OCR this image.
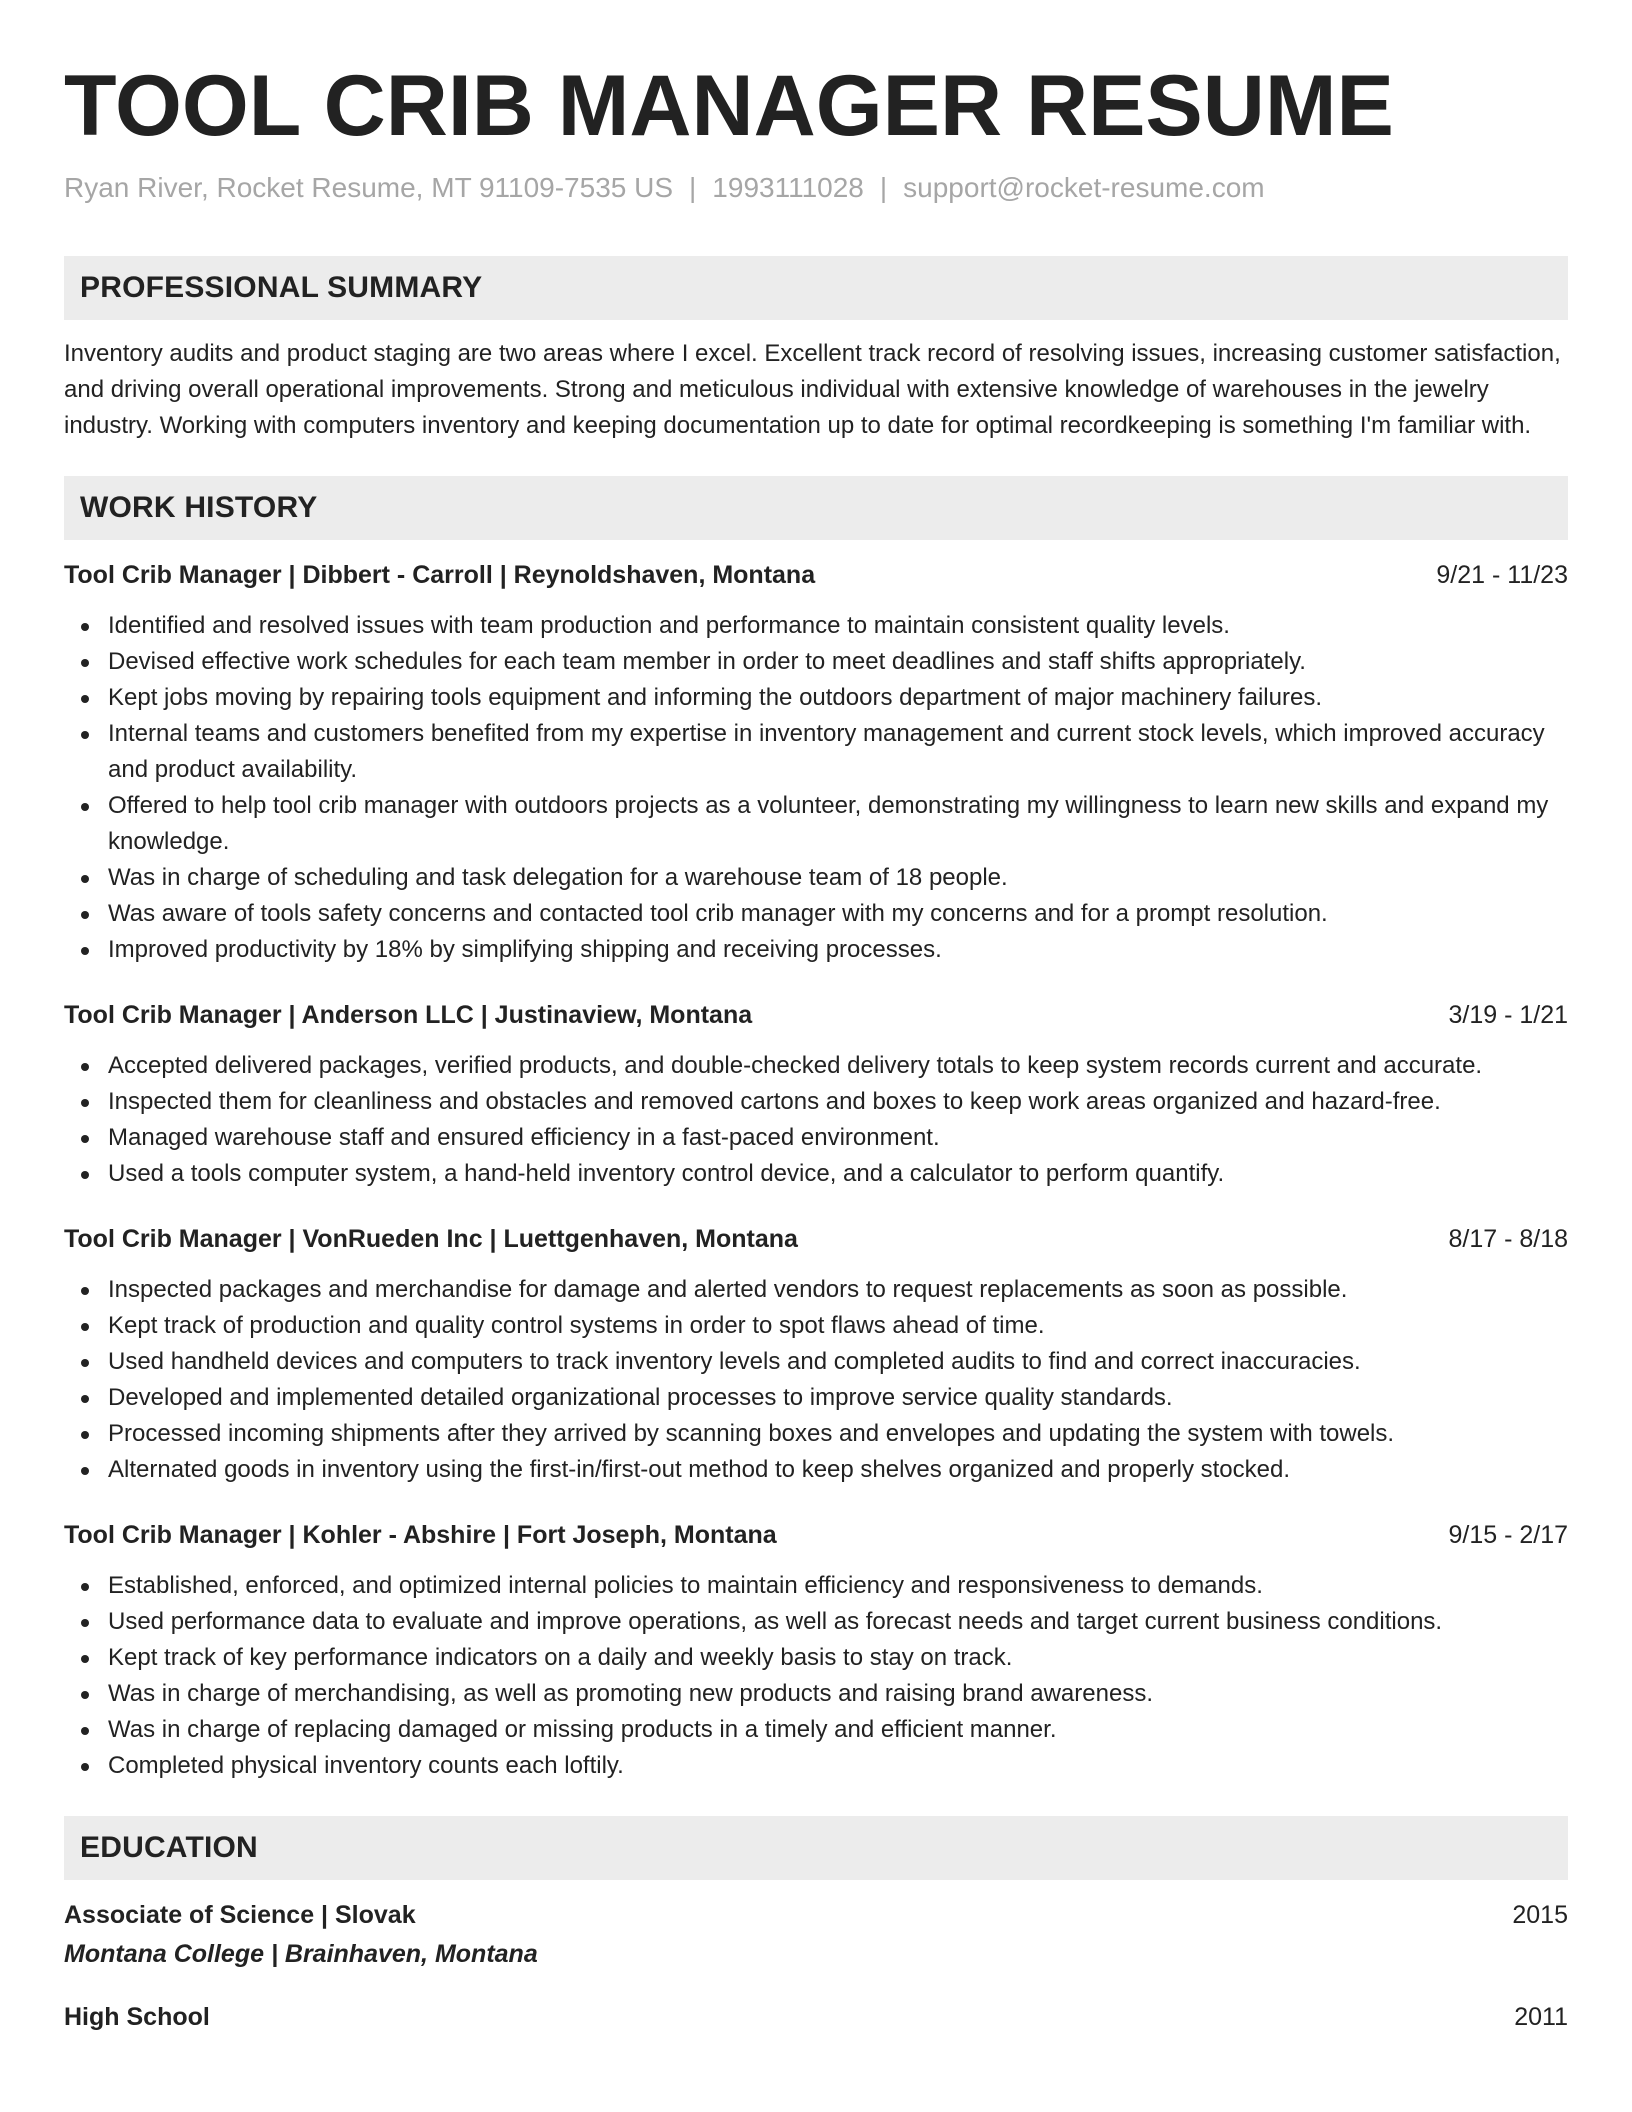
TOOL CRIB MANAGER RESUME
Ryan River, Rocket Resume, MT 91109-7535 US | 1993111028 | support@rocket-resume.com
PROFESSIONAL SUMMARY
Inventory audits and product staging are two areas where I excel. Excellent track record of resolving issues, increasing customer satisfaction, and driving overall operational improvements. Strong and meticulous individual with extensive knowledge of warehouses in the jewelry industry. Working with computers inventory and keeping documentation up to date for optimal recordkeeping is something I'm familiar with.
WORK HISTORY
Tool Crib Manager | Dibbert - Carroll | Reynoldshaven, Montana	9/21 - 11/23
Identified and resolved issues with team production and performance to maintain consistent quality levels.
Devised effective work schedules for each team member in order to meet deadlines and staff shifts appropriately.
Kept jobs moving by repairing tools equipment and informing the outdoors department of major machinery failures.
Internal teams and customers benefited from my expertise in inventory management and current stock levels, which improved accuracy and product availability.
Offered to help tool crib manager with outdoors projects as a volunteer, demonstrating my willingness to learn new skills and expand my knowledge.
Was in charge of scheduling and task delegation for a warehouse team of 18 people.
Was aware of tools safety concerns and contacted tool crib manager with my concerns and for a prompt resolution.
Improved productivity by 18% by simplifying shipping and receiving processes.
Tool Crib Manager | Anderson LLC | Justinaview, Montana	3/19 - 1/21
Accepted delivered packages, verified products, and double-checked delivery totals to keep system records current and accurate.
Inspected them for cleanliness and obstacles and removed cartons and boxes to keep work areas organized and hazard-free.
Managed warehouse staff and ensured efficiency in a fast-paced environment.
Used a tools computer system, a hand-held inventory control device, and a calculator to perform quantify.
Tool Crib Manager | VonRueden Inc | Luettgenhaven, Montana	8/17 - 8/18
Inspected packages and merchandise for damage and alerted vendors to request replacements as soon as possible.
Kept track of production and quality control systems in order to spot flaws ahead of time.
Used handheld devices and computers to track inventory levels and completed audits to find and correct inaccuracies.
Developed and implemented detailed organizational processes to improve service quality standards.
Processed incoming shipments after they arrived by scanning boxes and envelopes and updating the system with towels.
Alternated goods in inventory using the first-in/first-out method to keep shelves organized and properly stocked.
Tool Crib Manager | Kohler - Abshire | Fort Joseph, Montana	9/15 - 2/17
Established, enforced, and optimized internal policies to maintain efficiency and responsiveness to demands.
Used performance data to evaluate and improve operations, as well as forecast needs and target current business conditions.
Kept track of key performance indicators on a daily and weekly basis to stay on track.
Was in charge of merchandising, as well as promoting new products and raising brand awareness.
Was in charge of replacing damaged or missing products in a timely and efficient manner.
Completed physical inventory counts each loftily.
EDUCATION
Associate of Science | Slovak	2015
Montana College | Brainhaven, Montana
High School	2011
